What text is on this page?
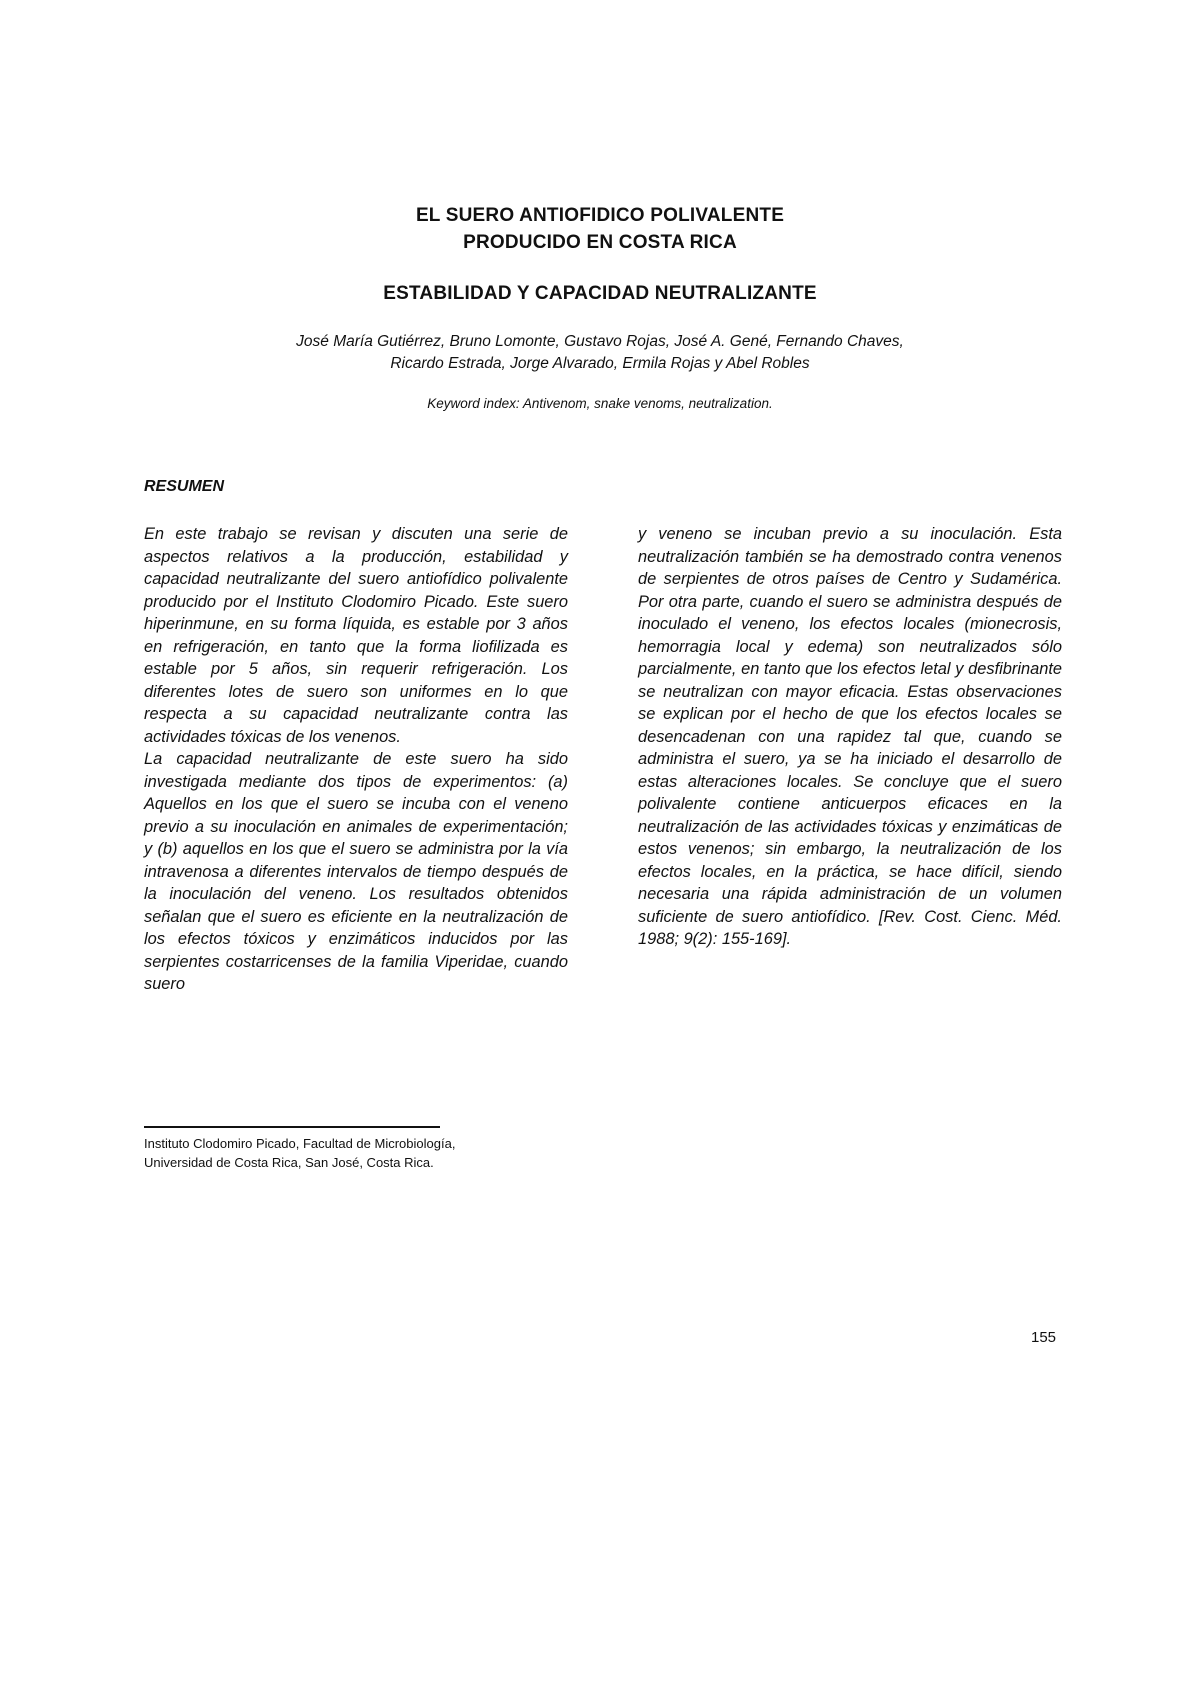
EL SUERO ANTIOFIDICO POLIVALENTE
PRODUCIDO EN COSTA RICA
ESTABILIDAD Y CAPACIDAD NEUTRALIZANTE

José María Gutiérrez, Bruno Lomonte, Gustavo Rojas, José A. Gené, Fernando Chaves,

Ricardo Estrada, Jorge Alvarado, Ermila Rojas y Abel Robles

Keyword index: Antivenom, snake venoms, neutralization.
RESUMEN

En este trabajo se revisan y discuten una serie de aspectos relativos a la producción, estabilidad y capacidad neutralizante del suero antiofídico polivalente producido por el Instituto Clodomiro Picado. Este suero hiperinmune, en su forma líquida, es estable por 3 años en refrigeración, en tanto que la forma liofilizada es estable por 5 años, sin requerir refrigeración. Los diferentes lotes de suero son uniformes en lo que respecta a su capacidad neutralizante contra las actividades tóxicas de los venenos.

La capacidad neutralizante de este suero ha sido investigada mediante dos tipos de experimentos: (a) Aquellos en los que el suero se incuba con el veneno previo a su inoculación en animales de experimentación; y (b) aquellos en los que el suero se administra por la vía intravenosa a diferentes intervalos de tiempo después de la inoculación del veneno. Los resultados obtenidos señalan que el suero es eficiente en la neutralización de los efectos tóxicos y enzimáticos inducidos por las serpientes costarricenses de la familia Viperidae, cuando suero

y veneno se incuban previo a su inoculación. Esta neutralización también se ha demostrado contra venenos de serpientes de otros países de Centro y Sudamérica. Por otra parte, cuando el suero se administra después de inoculado el veneno, los efectos locales (mionecrosis, hemorragia local y edema) son neutralizados sólo parcialmente, en tanto que los efectos letal y desfibrinante se neutralizan con mayor eficacia. Estas observaciones se explican por el hecho de que los efectos locales se desencadenan con una rapidez tal que, cuando se administra el suero, ya se ha iniciado el desarrollo de estas alteraciones locales. Se concluye que el suero polivalente contiene anticuerpos eficaces en la neutralización de las actividades tóxicas y enzimáticas de estos venenos; sin embargo, la neutralización de los efectos locales, en la práctica, se hace difícil, siendo necesaria una rápida administración de un volumen suficiente de suero antiofídico. [Rev. Cost. Cienc. Méd. 1988; 9(2): 155-169].

Instituto Clodomiro Picado, Facultad de Microbiología,
Universidad de Costa Rica, San José, Costa Rica.
155
